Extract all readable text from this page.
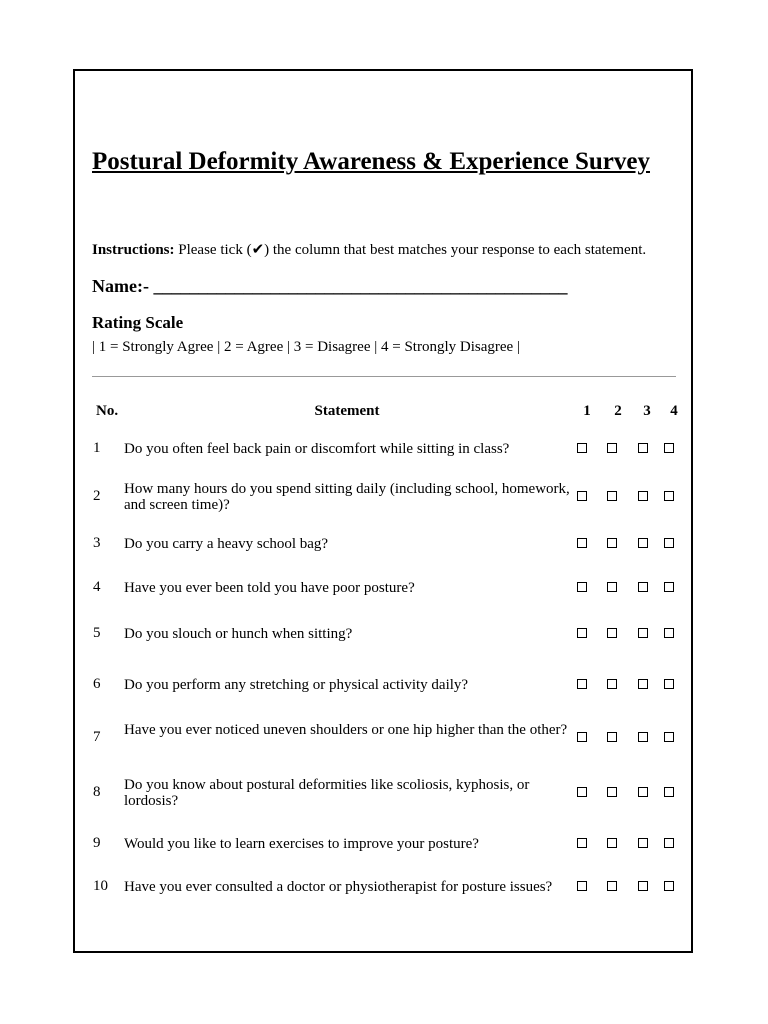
Postural Deformity Awareness & Experience Survey
Instructions: Please tick (✔) the column that best matches your response to each statement.
Name:- ______________________________________________
Rating Scale
| 1 = Strongly Agree | 2 = Agree | 3 = Disagree | 4 = Strongly Disagree |
No.	Statement	1	2	3	4
1 Do you often feel back pain or discomfort while sitting in class?
2 How many hours do you spend sitting daily (including school, homework, and screen time)?
3 Do you carry a heavy school bag?
4 Have you ever been told you have poor posture?
5 Do you slouch or hunch when sitting?
6 Do you perform any stretching or physical activity daily?
7 Have you ever noticed uneven shoulders or one hip higher than the other?
8 Do you know about postural deformities like scoliosis, kyphosis, or lordosis?
9 Would you like to learn exercises to improve your posture?
10 Have you ever consulted a doctor or physiotherapist for posture issues?
